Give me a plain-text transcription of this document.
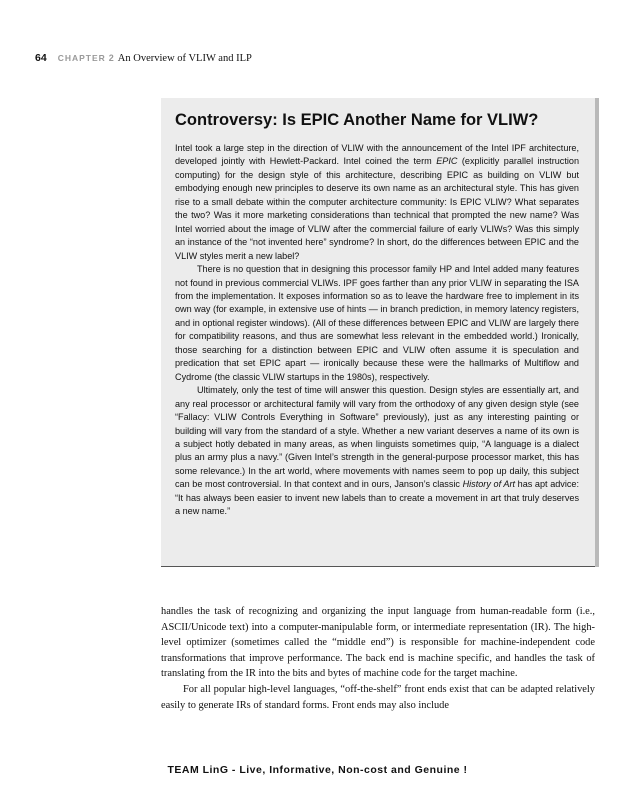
64 CHAPTER 2 An Overview of VLIW and ILP
Controversy: Is EPIC Another Name for VLIW?

Intel took a large step in the direction of VLIW with the announcement of the Intel IPF architecture, developed jointly with Hewlett-Packard. Intel coined the term EPIC (explicitly parallel instruction computing) for the design style of this architecture, describing EPIC as building on VLIW but embodying enough new principles to deserve its own name as an architectural style. This has given rise to a small debate within the computer architecture community: Is EPIC VLIW? What separates the two? Was it more marketing considerations than technical that prompted the new name? Was Intel worried about the image of VLIW after the commercial failure of early VLIWs? Was this simply an instance of the “not invented here” syndrome? In short, do the differences between EPIC and the VLIW styles merit a new label?

There is no question that in designing this processor family HP and Intel added many features not found in previous commercial VLIWs. IPF goes farther than any prior VLIW in separating the ISA from the implementation. It exposes information so as to leave the hardware free to implement in its own way (for example, in extensive use of hints — in branch prediction, in memory latency registers, and in optional register windows). (All of these differences between EPIC and VLIW are largely there for compatibility reasons, and thus are somewhat less relevant in the embedded world.) Ironically, those searching for a distinction between EPIC and VLIW often assume it is speculation and predication that set EPIC apart — ironically because these were the hallmarks of Multiflow and Cydrome (the classic VLIW startups in the 1980s), respectively.

Ultimately, only the test of time will answer this question. Design styles are essentially art, and any real processor or architectural family will vary from the orthodoxy of any given design style (see “Fallacy: VLIW Controls Everything in Software” previously), just as any interesting painting or building will vary from the standard of a style. Whether a new variant deserves a name of its own is a subject hotly debated in many areas, as when linguists sometimes quip, “A language is a dialect plus an army plus a navy.” (Given Intel’s strength in the general-purpose processor market, this has some relevance.) In the art world, where movements with names seem to pop up daily, this subject can be most controversial. In that context and in ours, Janson’s classic History of Art has apt advice: “It has always been easier to invent new labels than to create a movement in art that truly deserves a new name.”

handles the task of recognizing and organizing the input language from human-readable form (i.e., ASCII/Unicode text) into a computer-manipulable form, or intermediate representation (IR). The high-level optimizer (sometimes called the “middle end”) is responsible for machine-independent code transformations that improve performance. The back end is machine specific, and handles the task of translating from the IR into the bits and bytes of machine code for the target machine.

For all popular high-level languages, “off-the-shelf” front ends exist that can be adapted relatively easily to generate IRs of standard forms. Front ends may also include

TEAM LinG - Live, Informative, Non-cost and Genuine !
